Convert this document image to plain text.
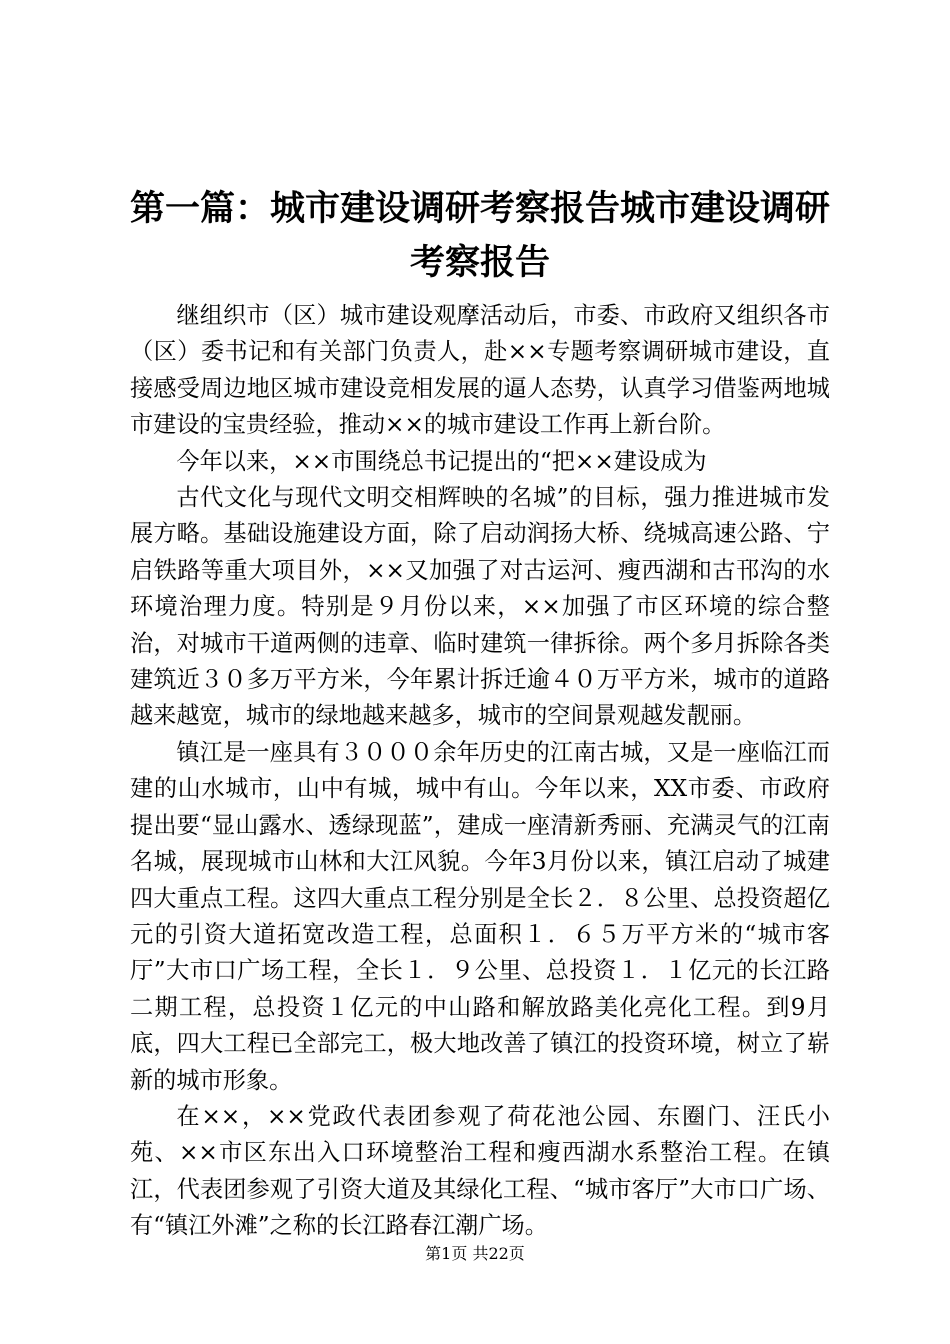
第一篇：城市建设调研考察报告城市建设调研考察报告

继组织市（区）城市建设观摩活动后，市委、市政府又组织各市（区）委书记和有关部门负责人，赴××专题考察调研城市建设，直接感受周边地区城市建设竞相发展的逼人态势，认真学习借鉴两地城市建设的宝贵经验，推动××的城市建设工作再上新台阶。

今年以来，××市围绕总书记提出的“把××建设成为

古代文化与现代文明交相辉映的名城”的目标，强力推进城市发展方略。基础设施建设方面，除了启动润扬大桥、绕城高速公路、宁启铁路等重大项目外，××又加强了对古运河、瘦西湖和古邗沟的水环境治理力度。特别是９月份以来，××加强了市区环境的综合整治，对城市干道两侧的违章、临时建筑一律拆徐。两个多月拆除各类建筑近３０多万平方米，今年累计拆迁逾４０万平方米，城市的道路越来越宽，城市的绿地越来越多，城市的空间景观越发靓丽。

镇江是一座具有３０００余年历史的江南古城，又是一座临江而建的山水城市，山中有城，城中有山。今年以来，XX市委、市政府提出要“显山露水、透绿现蓝”，建成一座清新秀丽、充满灵气的江南名城，展现城市山林和大江风貌。今年3月份以来，镇江启动了城建四大重点工程。这四大重点工程分别是全长２．８公里、总投资超亿元的引资大道拓宽改造工程，总面积１．６５万平方米的“城市客厅”大市口广场工程，全长１．９公里、总投资１．１亿元的长江路二期工程，总投资１亿元的中山路和解放路美化亮化工程。到9月底，四大工程已全部完工，极大地改善了镇江的投资环境，树立了崭新的城市形象。

在××，××党政代表团参观了荷花池公园、东圈门、汪氏小苑、××市区东出入口环境整治工程和瘦西湖水系整治工程。在镇江，代表团参观了引资大道及其绿化工程、“城市客厅”大市口广场、有“镇江外滩”之称的长江路春江潮广场。

第1页 共22页
